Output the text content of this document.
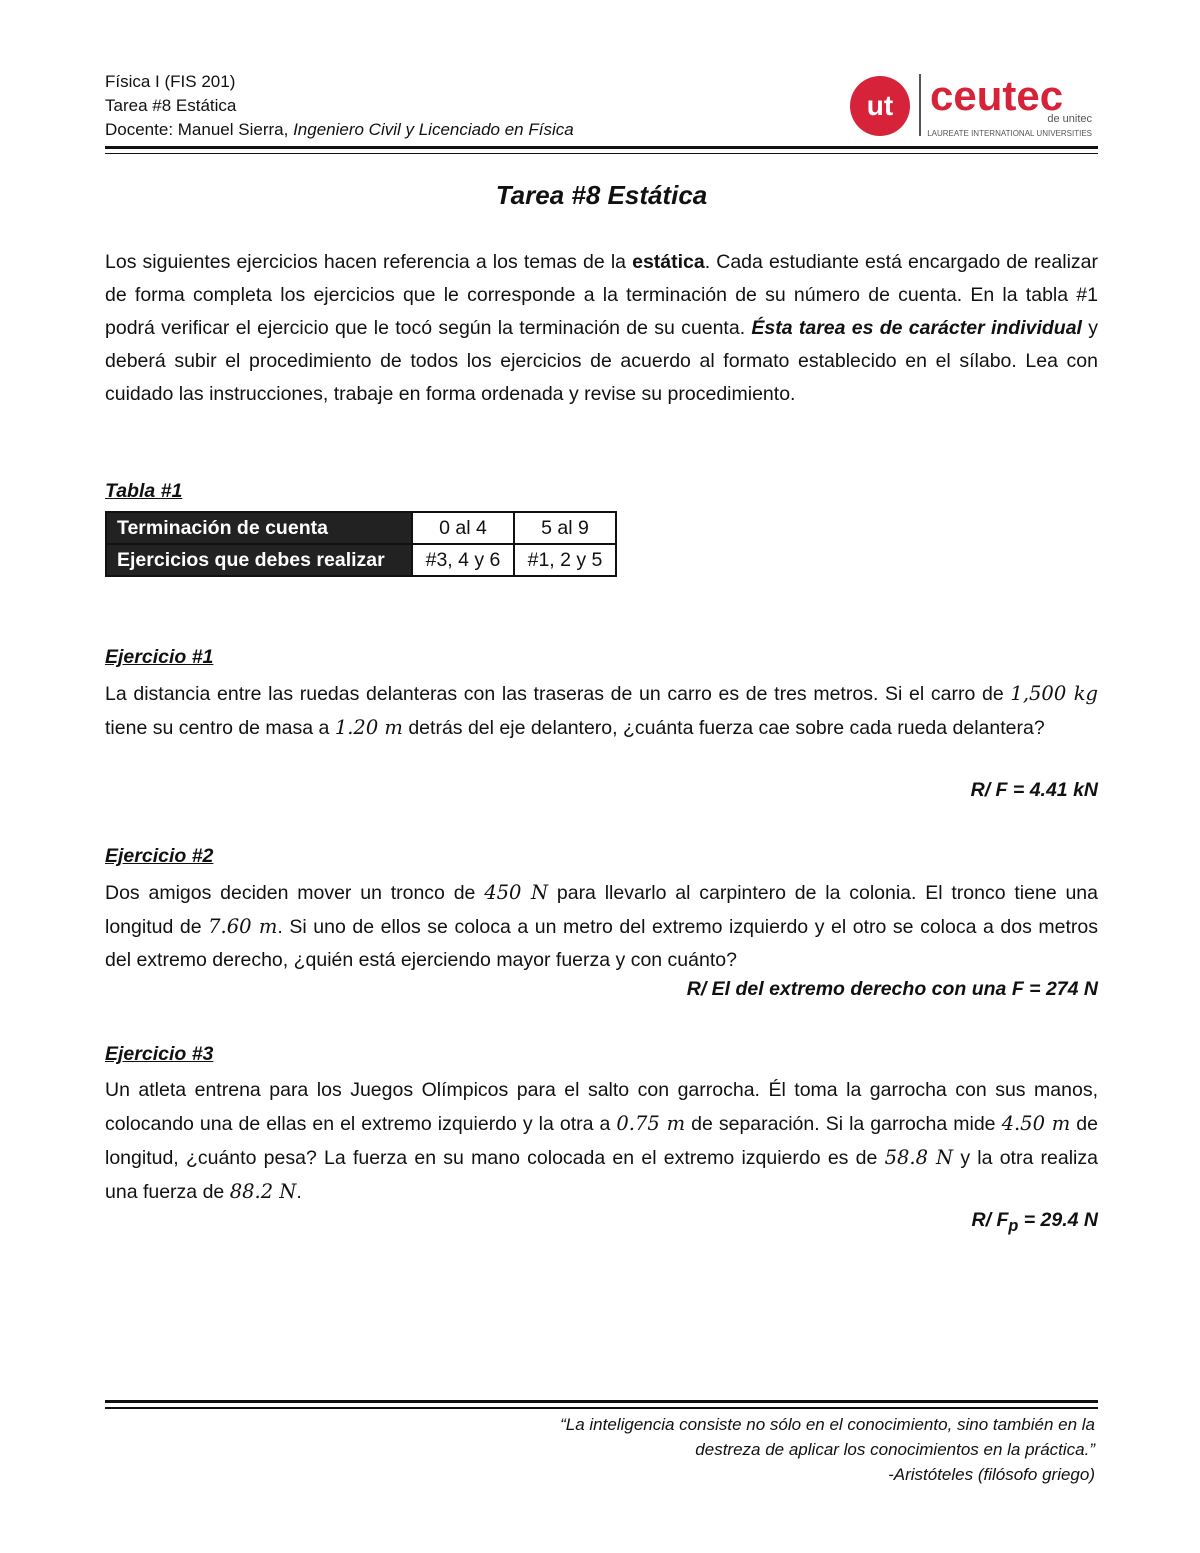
Física I (FIS 201)
Tarea #8 Estática
Docente: Manuel Sierra, Ingeniero Civil y Licenciado en Física
ut ceutec
de unitec
LAUREATE INTERNATIONAL UNIVERSITIES
Tarea #8 Estática
Los siguientes ejercicios hacen referencia a los temas de la estática. Cada estudiante está encargado de realizar de forma completa los ejercicios que le corresponde a la terminación de su número de cuenta. En la tabla #1 podrá verificar el ejercicio que le tocó según la terminación de su cuenta. Ésta tarea es de carácter individual y deberá subir el procedimiento de todos los ejercicios de acuerdo al formato establecido en el sílabo. Lea con cuidado las instrucciones, trabaje en forma ordenada y revise su procedimiento.
Tabla #1
Terminación de cuenta	0 al 4	5 al 9
Ejercicios que debes realizar	#3, 4 y 6	#1, 2 y 5
Ejercicio #1
La distancia entre las ruedas delanteras con las traseras de un carro es de tres metros. Si el carro de 1,500 kg tiene su centro de masa a 1.20 m detrás del eje delantero, ¿cuánta fuerza cae sobre cada rueda delantera?
R/ F = 4.41 kN
Ejercicio #2
Dos amigos deciden mover un tronco de 450 N para llevarlo al carpintero de la colonia. El tronco tiene una longitud de 7.60 m. Si uno de ellos se coloca a un metro del extremo izquierdo y el otro se coloca a dos metros del extremo derecho, ¿quién está ejerciendo mayor fuerza y con cuánto?
R/ El del extremo derecho con una F = 274 N
Ejercicio #3
Un atleta entrena para los Juegos Olímpicos para el salto con garrocha. Él toma la garrocha con sus manos, colocando una de ellas en el extremo izquierdo y la otra a 0.75 m de separación. Si la garrocha mide 4.50 m de longitud, ¿cuánto pesa? La fuerza en su mano colocada en el extremo izquierdo es de 58.8 N y la otra realiza una fuerza de 88.2 N.
R/ $F_p = 29.4$ N
“La inteligencia consiste no sólo en el conocimiento, sino también en la
destreza de aplicar los conocimientos en la práctica.”
-Aristóteles (filósofo griego)
